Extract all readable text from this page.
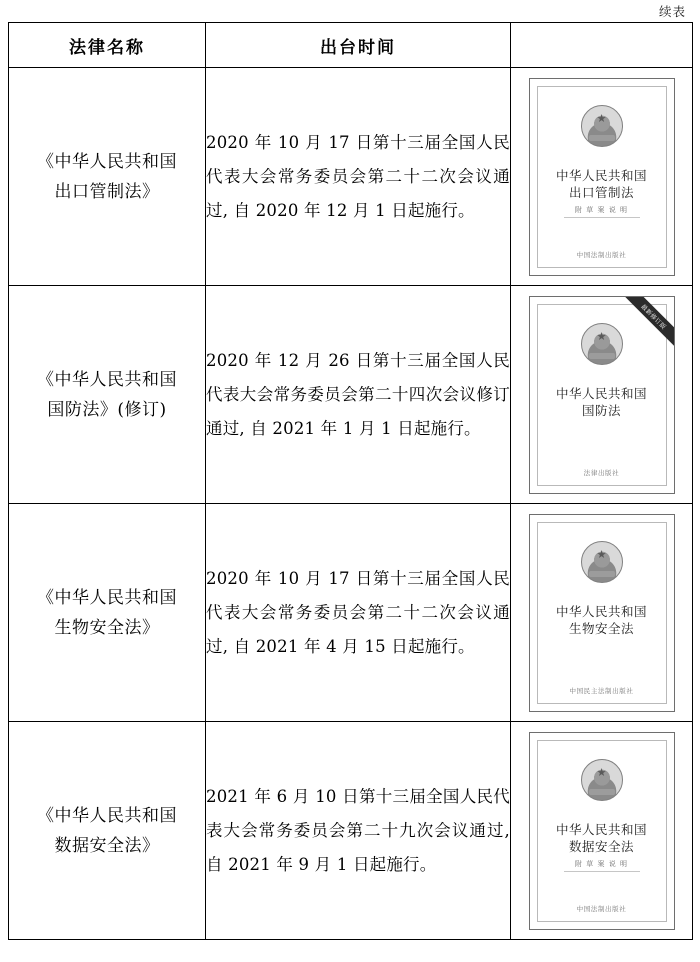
续表
法律名称	出台时间	

《中华人民共和国
出口管制法》
	2020 年 10 月 17 日第十三届全国人民代表大会常务委员会第二十二次会议通过, 自 2020 年 12 月 1 日起施行。	
★
中华人民共和国
出口管制法
附 草 案 说 明
中国法制出版社

《中华人民共和国
国防法》(修订)
	2020 年 12 月 26 日第十三届全国人民代表大会常务委员会第二十四次会议修订通过, 自 2021 年 1 月 1 日起施行。	
最新修订版
★
中华人民共和国
国防法
法律出版社

《中华人民共和国
生物安全法》
	2020 年 10 月 17 日第十三届全国人民代表大会常务委员会第二十二次会议通过, 自 2021 年 4 月 15 日起施行。	
★
中华人民共和国
生物安全法
中国民主法制出版社

《中华人民共和国
数据安全法》
	2021 年 6 月 10 日第十三届全国人民代表大会常务委员会第二十九次会议通过, 自 2021 年 9 月 1 日起施行。	
★
中华人民共和国
数据安全法
附 草 案 说 明
中国法制出版社
